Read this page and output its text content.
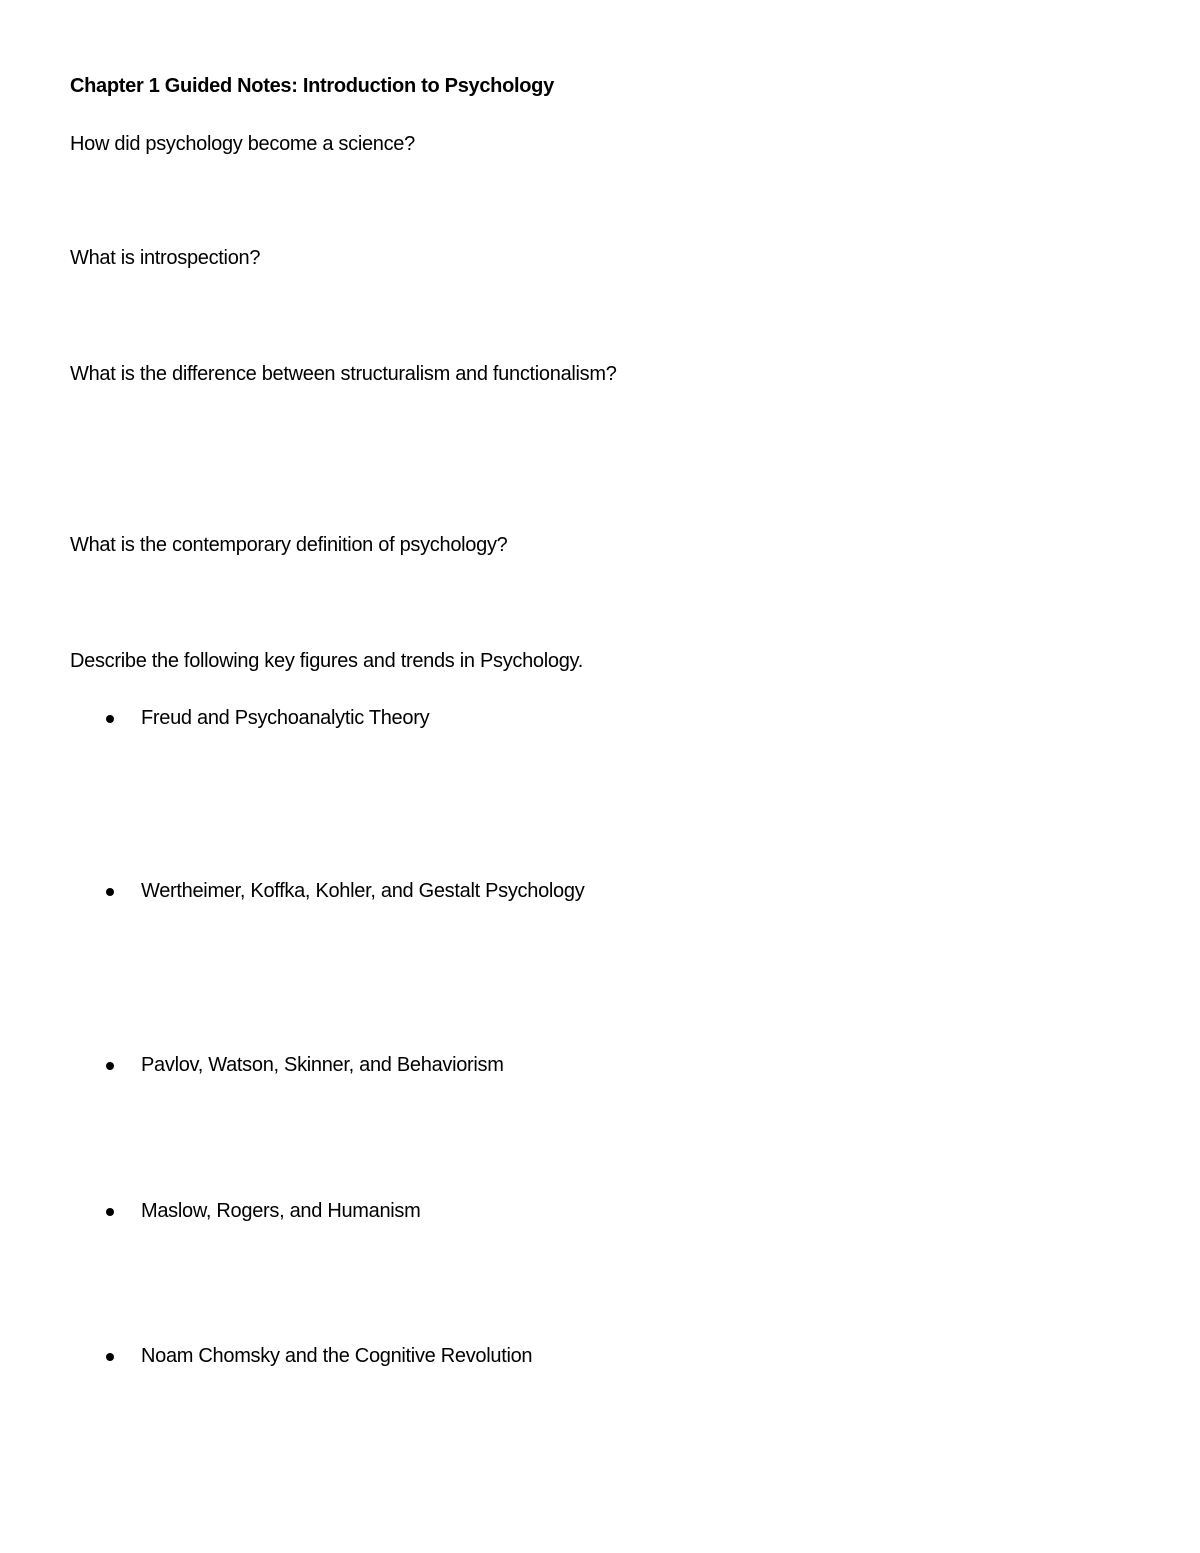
Chapter 1 Guided Notes: Introduction to Psychology
How did psychology become a science?
What is introspection?
What is the difference between structuralism and functionalism?
What is the contemporary definition of psychology?
Describe the following key figures and trends in Psychology.
Freud and Psychoanalytic Theory
Wertheimer, Koffka, Kohler, and Gestalt Psychology
Pavlov, Watson, Skinner, and Behaviorism
Maslow, Rogers, and Humanism
Noam Chomsky and the Cognitive Revolution
